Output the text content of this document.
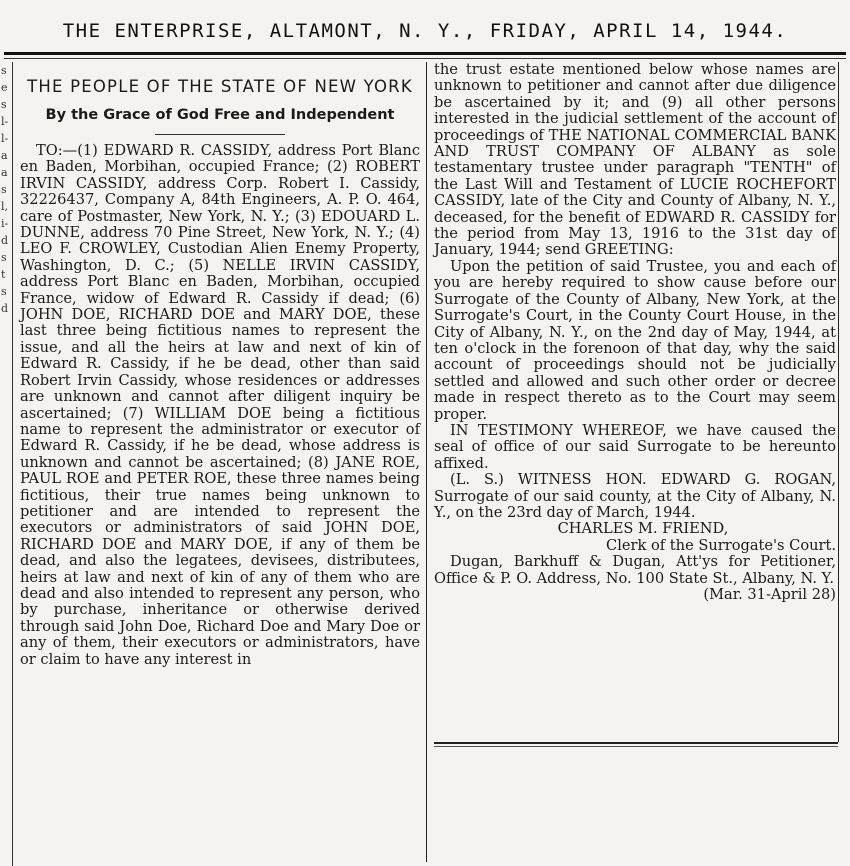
THE ENTERPRISE, ALTAMONT, N. Y., FRIDAY, APRIL 14, 1944.
s
e
s
l-
l-
a
a
s
l,
i-
d
s
t
s
d
THE PEOPLE OF THE STATE OF NEW YORK
By the Grace of God Free and Independent

TO:—(1) EDWARD R. CASSIDY, address Port Blanc en Baden, Morbihan, occupied France; (2) ROBERT IRVIN CASSIDY, address Corp. Robert I. Cassidy, 32226437, Company A, 84th Engineers, A. P. O. 464, care of Postmaster, New York, N. Y.; (3) EDOUARD L. DUNNE, address 70 Pine Street, New York, N. Y.; (4) LEO F. CROWLEY, Custodian Alien Enemy Property, Washington, D. C.; (5) NELLE IRVIN CASSIDY, address Port Blanc en Baden, Morbihan, occupied France, widow of Edward R. Cassidy if dead; (6) JOHN DOE, RICHARD DOE and MARY DOE, these last three being fictitious names to represent the issue, and all the heirs at law and next of kin of Edward R. Cassidy, if he be dead, other than said Robert Irvin Cassidy, whose residences or addresses are unknown and cannot after diligent inquiry be ascertained; (7) WILLIAM DOE being a fictitious name to represent the administrator or executor of Edward R. Cassidy, if he be dead, whose address is unknown and cannot be ascertained; (8) JANE ROE, PAUL ROE and PETER ROE, these three names being fictitious, their true names being unknown to petitioner and are intended to represent the executors or administrators of said JOHN DOE, RICHARD DOE and MARY DOE, if any of them be dead, and also the legatees, devisees, distributees, heirs at law and next of kin of any of them who are dead and also intended to represent any person, who by purchase, inheritance or otherwise derived through said John Doe, Richard Doe and Mary Doe or any of them, their executors or administrators, have or claim to have any interest in

the trust estate mentioned below whose names are unknown to petitioner and cannot after due diligence be ascertained by it; and (9) all other persons interested in the judicial settlement of the account of proceedings of THE NATIONAL COMMERCIAL BANK AND TRUST COMPANY OF ALBANY as sole testamentary trustee under paragraph "TENTH" of the Last Will and Testament of LUCIE ROCHEFORT CASSIDY, late of the City and County of Albany, N. Y., deceased, for the benefit of EDWARD R. CASSIDY for the period from May 13, 1916 to the 31st day of January, 1944; send GREETING:

Upon the petition of said Trustee, you and each of you are hereby required to show cause before our Surrogate of the County of Albany, New York, at the Surrogate's Court, in the County Court House, in the City of Albany, N. Y., on the 2nd day of May, 1944, at ten o'clock in the forenoon of that day, why the said account of proceedings should not be judicially settled and allowed and such other order or decree made in respect thereto as to the Court may seem proper.

IN TESTIMONY WHEREOF, we have caused the seal of office of our said Surrogate to be hereunto affixed.

(L. S.) WITNESS HON. EDWARD G. ROGAN, Surrogate of our said county, at the City of Albany, N. Y., on the 23rd day of March, 1944.

CHARLES M. FRIEND,

Clerk of the Surrogate's Court.

Dugan, Barkhuff & Dugan, Att'ys for Petitioner, Office & P. O. Address, No. 100 State St., Albany, N. Y.

(Mar. 31-April 28)
